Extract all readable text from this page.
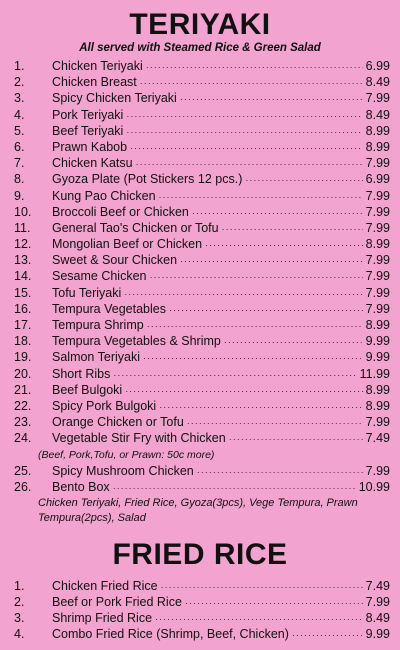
TERIYAKI
All served with Steamed Rice & Green Salad
1.	Chicken Teriyaki ·····	6.99
2.	Chicken Breast ·····	8.49
3.	Spicy Chicken Teriyaki ·····	7.99
4.	Pork Teriyaki ·····	8.49
5.	Beef Teriyaki ·····	8.99
6.	Prawn Kabob ·····	8.99
7.	Chicken Katsu ·····	7.99
8.	Gyoza Plate (Pot Stickers 12 pcs.) ·····	6.99
9.	Kung Pao Chicken ·····	7.99
10.	Broccoli Beef or Chicken ·····	7.99
11.	General Tao's Chicken or Tofu ·····	7.99
12.	Mongolian Beef or Chicken ·····	8.99
13.	Sweet & Sour Chicken ·····	7.99
14.	Sesame Chicken ·····	7.99
15.	Tofu Teriyaki ·····	7.99
16.	Tempura Vegetables ·····	7.99
17.	Tempura Shrimp ·····	8.99
18.	Tempura Vegetables & Shrimp ·····	9.99
19.	Salmon Teriyaki ·····	9.99
20.	Short Ribs ·····	11.99
21.	Beef Bulgoki ·····	8.99
22.	Spicy Pork Bulgoki ·····	8.99
23.	Orange Chicken or Tofu ·····	7.99
24.	Vegetable Stir Fry with Chicken ·····	7.49
(Beef, Pork,Tofu, or Prawn: 50c more)
25.	Spicy Mushroom Chicken ·····	7.99
26.	Bento Box ·····	10.99
Chicken Teriyaki, Fried Rice, Gyoza(3pcs), Vege Tempura, Prawn Tempura(2pcs), Salad
FRIED RICE
1.	Chicken Fried Rice ·····	7.49
2.	Beef or Pork Fried Rice ·····	7.99
3.	Shrimp Fried Rice ·····	8.49
4.	Combo Fried Rice (Shrimp, Beef, Chicken) ·····	9.99
